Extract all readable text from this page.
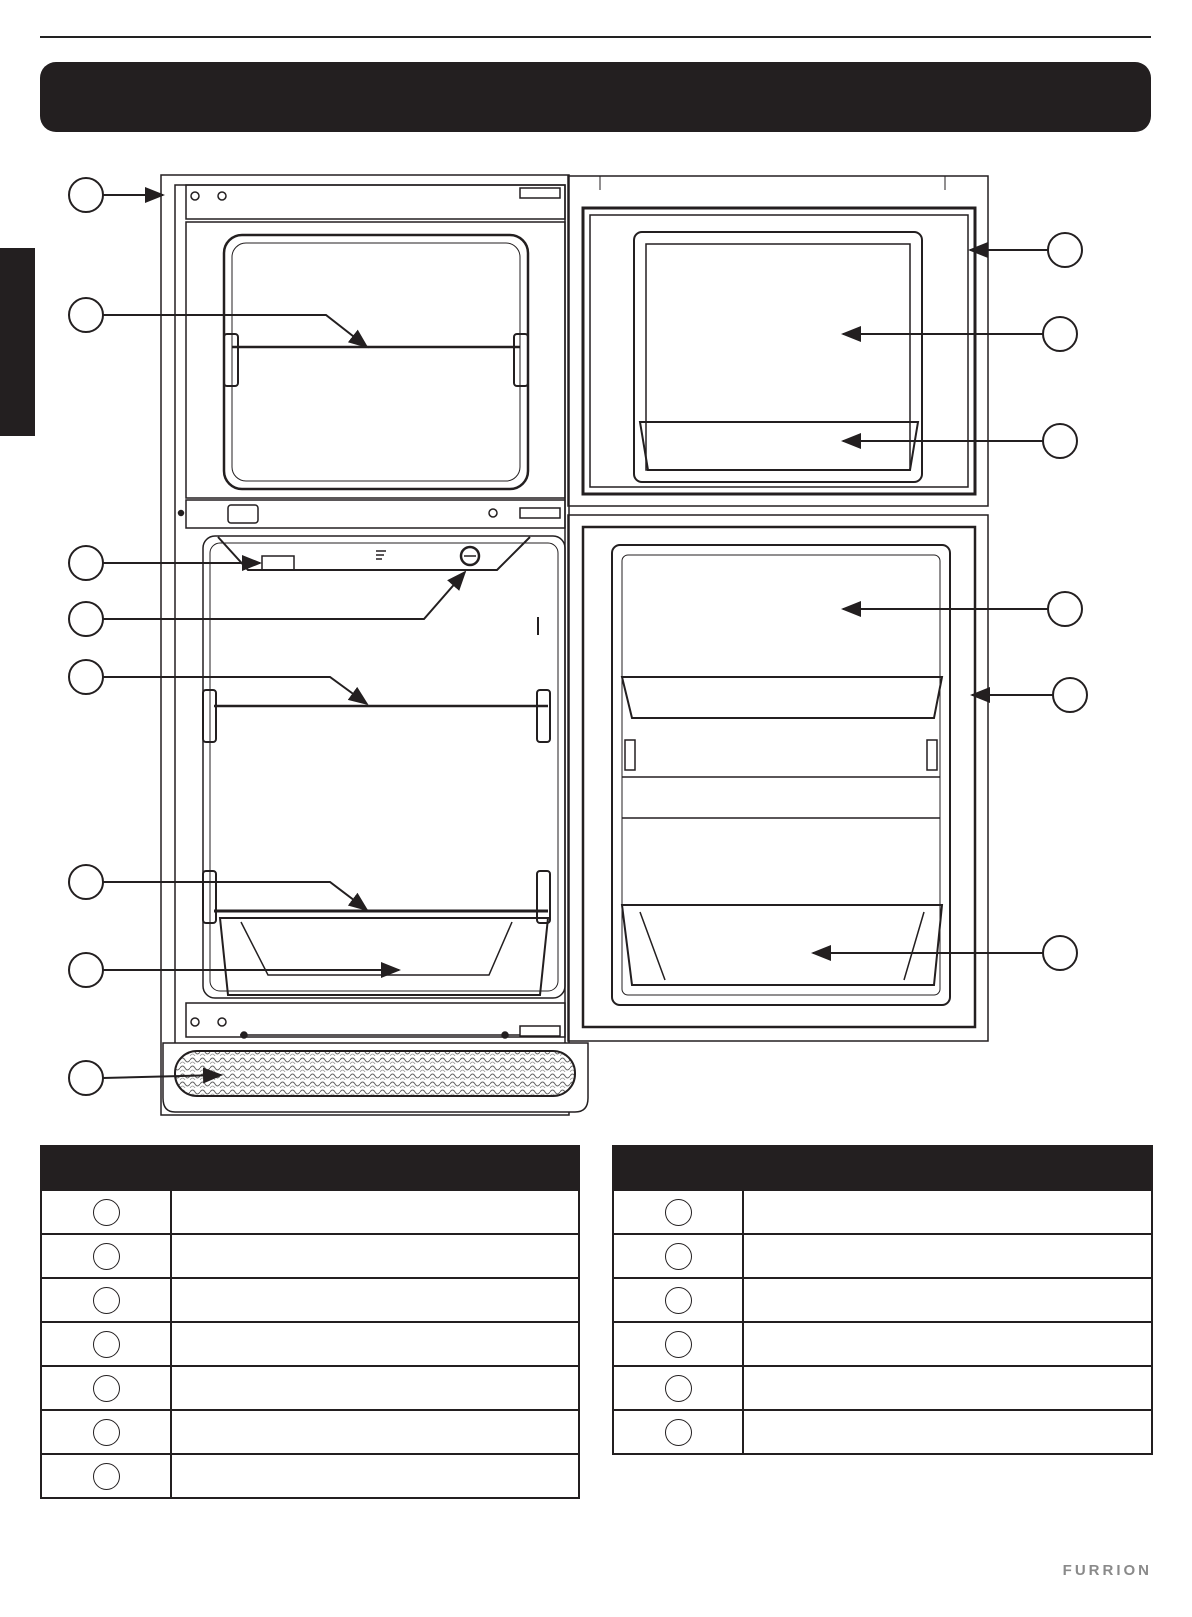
FURRION
